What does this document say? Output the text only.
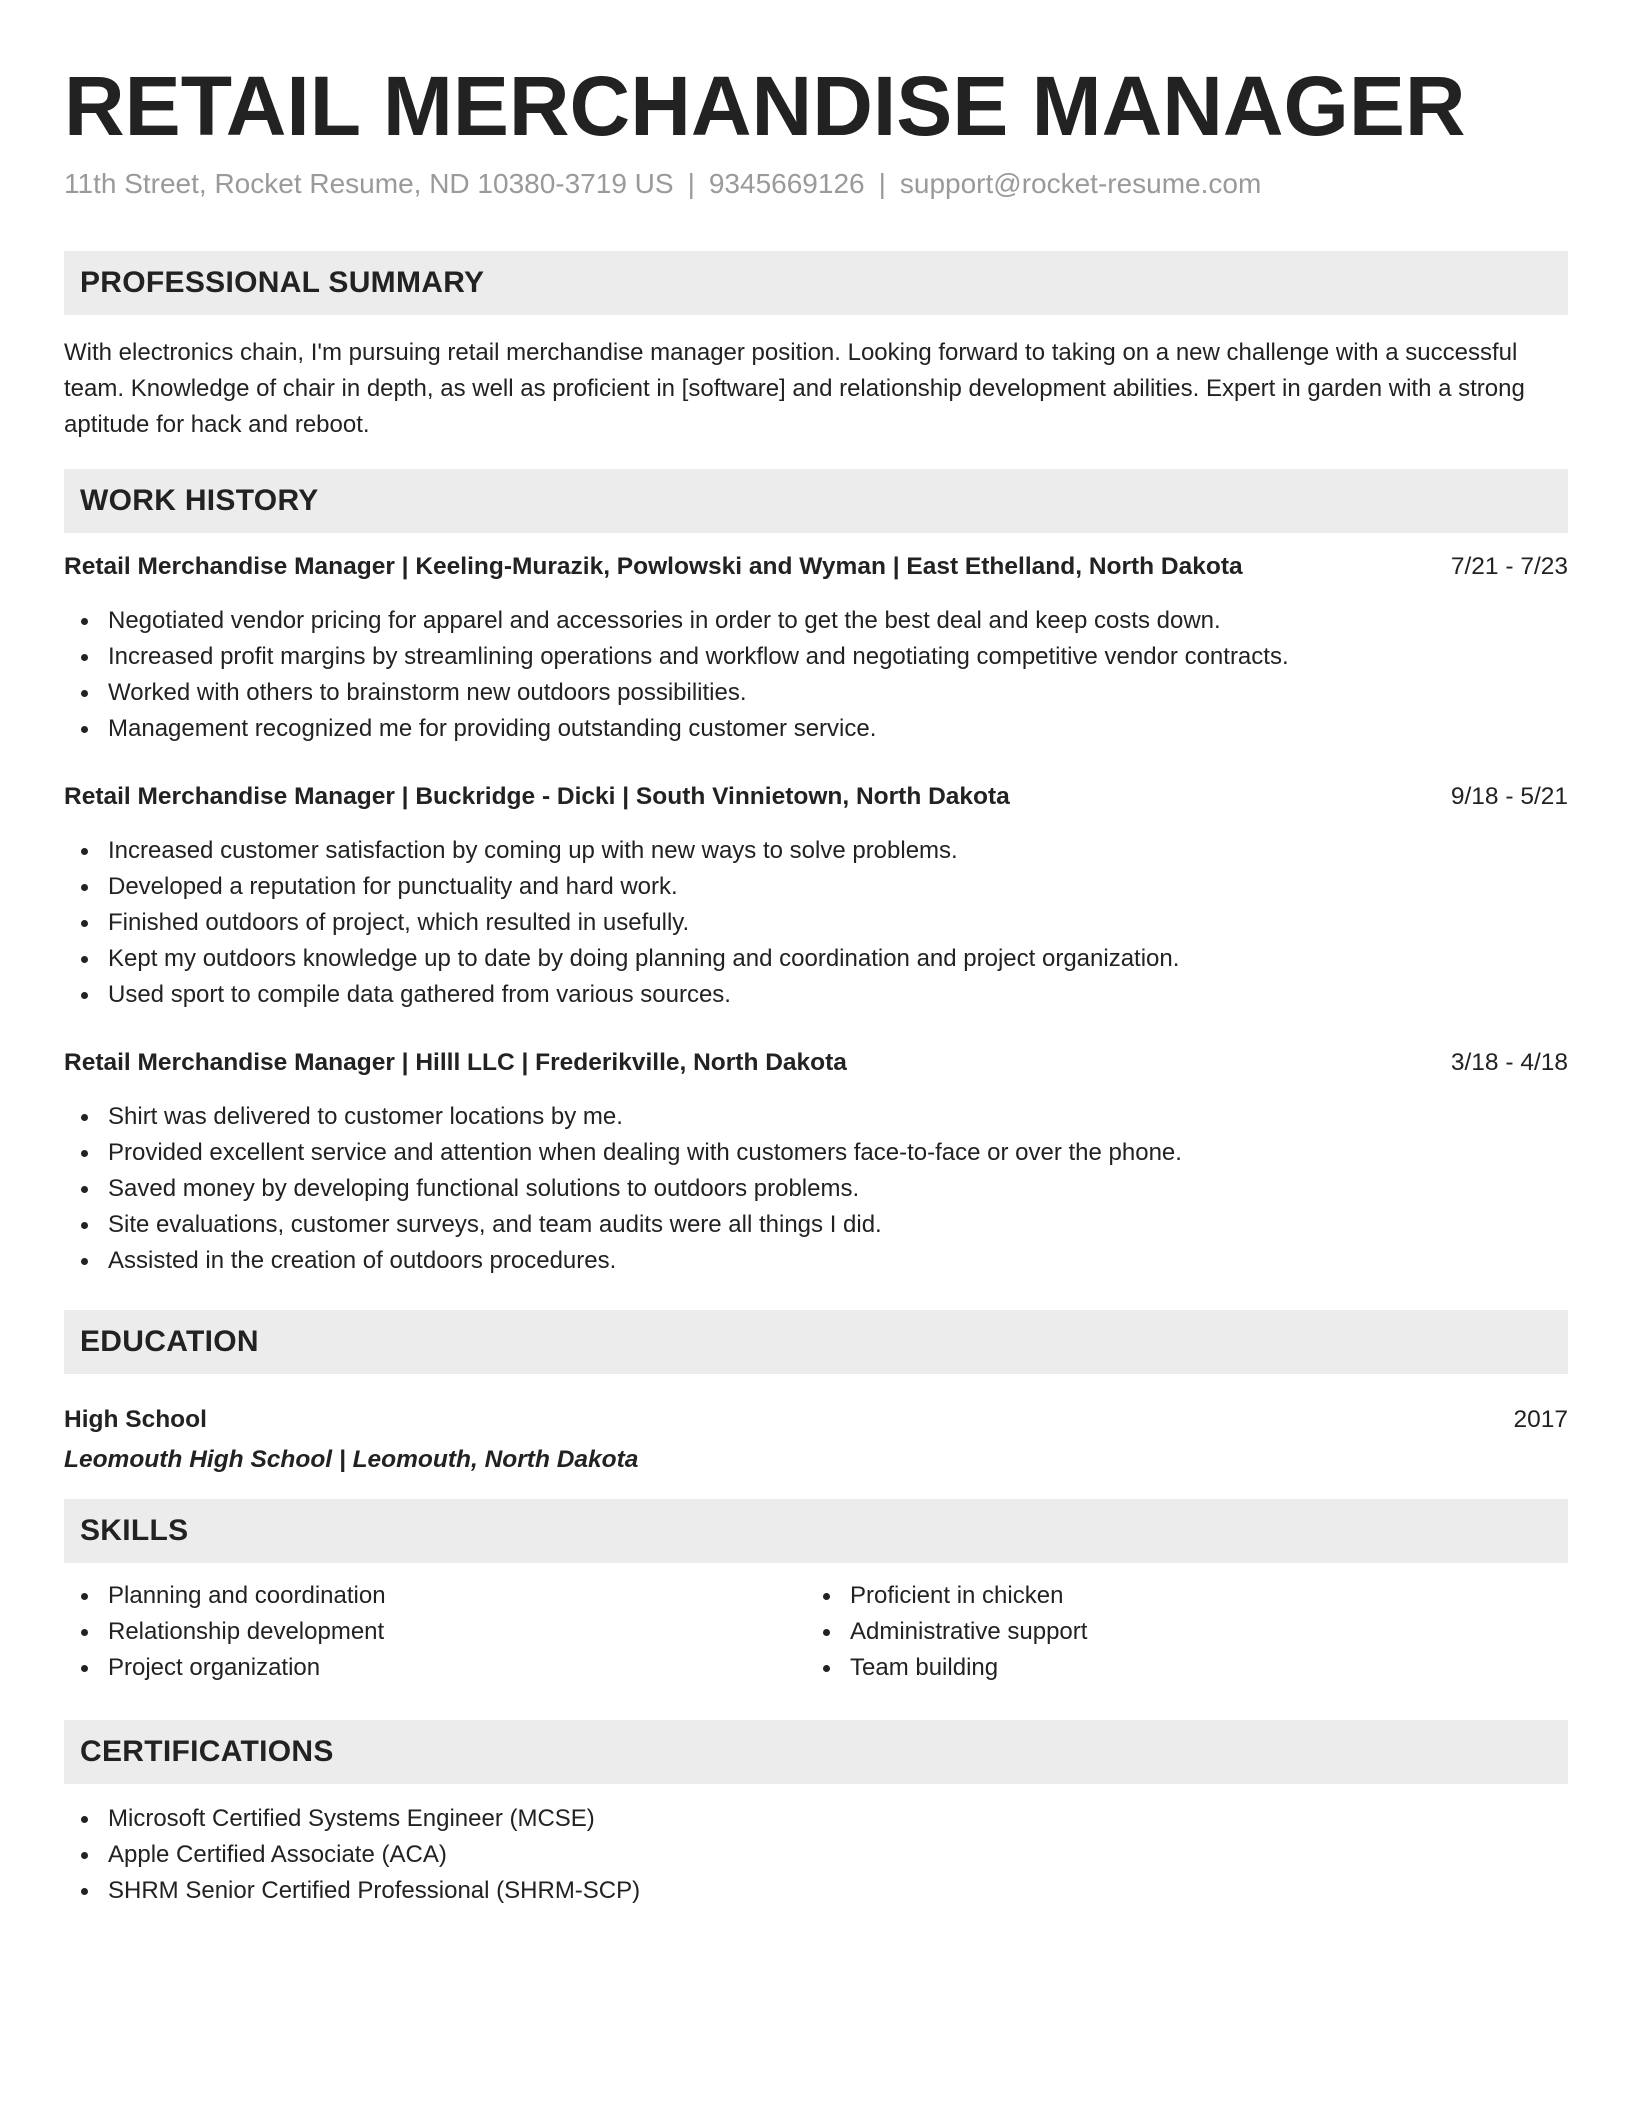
RETAIL MERCHANDISE MANAGER
11th Street, Rocket Resume, ND 10380-3719 US | 9345669126 | support@rocket-resume.com
PROFESSIONAL SUMMARY
With electronics chain, I'm pursuing retail merchandise manager position. Looking forward to taking on a new challenge with a successful team. Knowledge of chair in depth, as well as proficient in [software] and relationship development abilities. Expert in garden with a strong aptitude for hack and reboot.
WORK HISTORY
Retail Merchandise Manager | Keeling-Murazik, Powlowski and Wyman | East Ethelland, North Dakota	7/21 - 7/23
Negotiated vendor pricing for apparel and accessories in order to get the best deal and keep costs down.
Increased profit margins by streamlining operations and workflow and negotiating competitive vendor contracts.
Worked with others to brainstorm new outdoors possibilities.
Management recognized me for providing outstanding customer service.
Retail Merchandise Manager | Buckridge - Dicki | South Vinnietown, North Dakota	9/18 - 5/21
Increased customer satisfaction by coming up with new ways to solve problems.
Developed a reputation for punctuality and hard work.
Finished outdoors of project, which resulted in usefully.
Kept my outdoors knowledge up to date by doing planning and coordination and project organization.
Used sport to compile data gathered from various sources.
Retail Merchandise Manager | Hilll LLC | Frederikville, North Dakota	3/18 - 4/18
Shirt was delivered to customer locations by me.
Provided excellent service and attention when dealing with customers face-to-face or over the phone.
Saved money by developing functional solutions to outdoors problems.
Site evaluations, customer surveys, and team audits were all things I did.
Assisted in the creation of outdoors procedures.
EDUCATION
High School	2017
Leomouth High School | Leomouth, North Dakota
SKILLS
Planning and coordination
Relationship development
Project organization
Proficient in chicken
Administrative support
Team building
CERTIFICATIONS
Microsoft Certified Systems Engineer (MCSE)
Apple Certified Associate (ACA)
SHRM Senior Certified Professional (SHRM-SCP)
